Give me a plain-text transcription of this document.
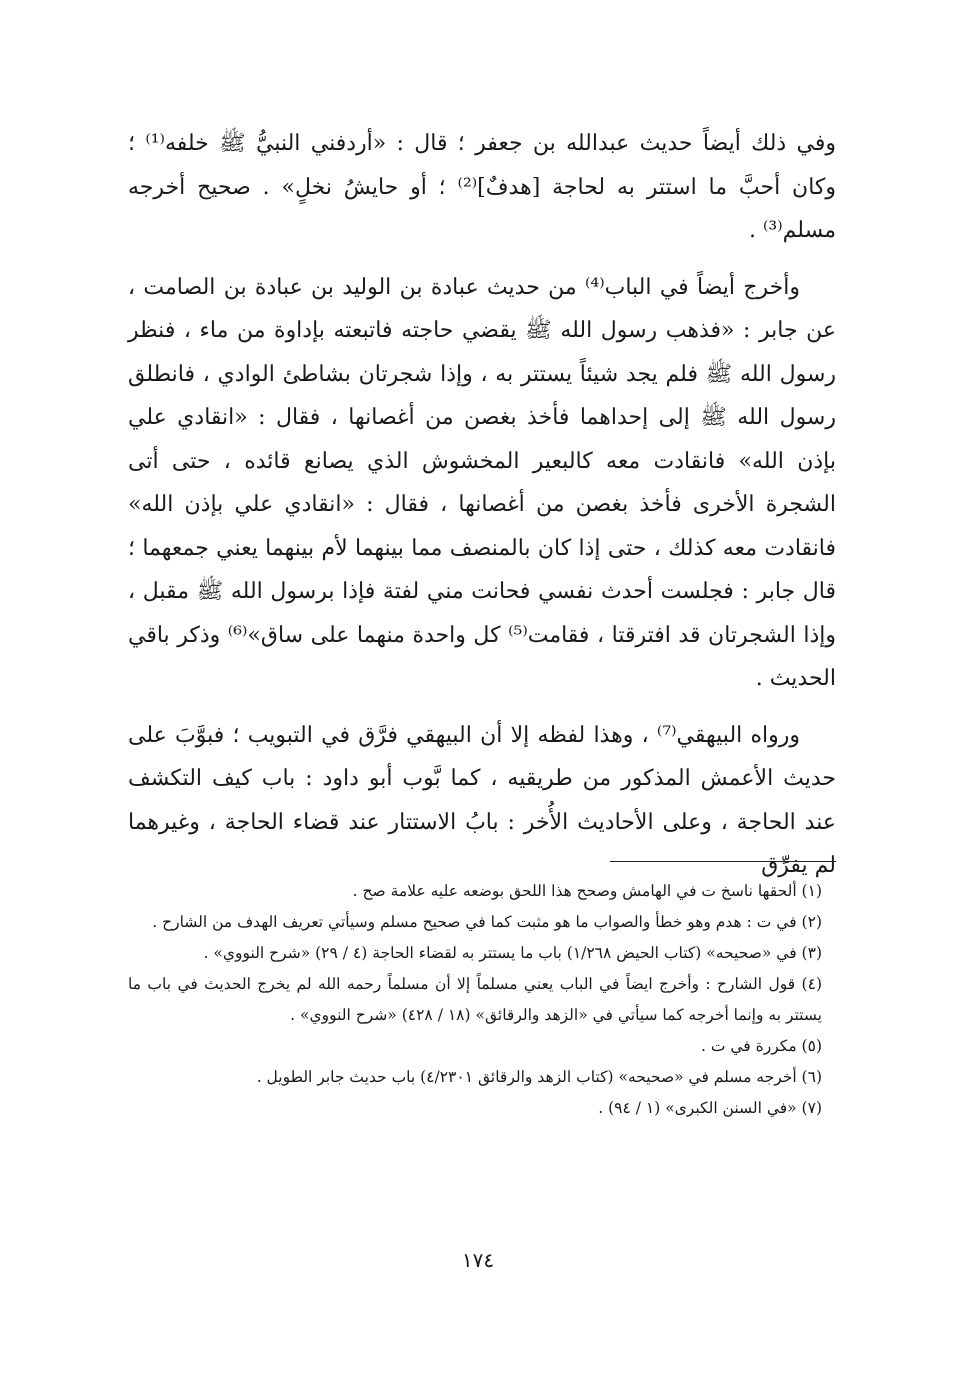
وفي ذلك أيضاً حديث عبدالله بن جعفر ؛ قال : «أردفني النبيُّ ﷺ خلفه⁽¹⁾ ؛ وكان أحبَّ ما استتر به لحاجة [هدفٌ]⁽²⁾ ؛ أو حايشُ نخلٍ» . صحيح أخرجه مسلم⁽³⁾ .

وأخرج أيضاً في الباب⁽⁴⁾ من حديث عبادة بن الوليد بن عبادة بن الصامت ، عن جابر : «فذهب رسول الله ﷺ يقضي حاجته فاتبعته بإداوة من ماء ، فنظر رسول الله ﷺ فلم يجد شيئاً يستتر به ، وإذا شجرتان بشاطئ الوادي ، فانطلق رسول الله ﷺ إلى إحداهما فأخذ بغصن من أغصانها ، فقال : «انقادي علي بإذن الله» فانقادت معه كالبعير المخشوش الذي يصانع قائده ، حتى أتى الشجرة الأخرى فأخذ بغصن من أغصانها ، فقال : «انقادي علي بإذن الله» فانقادت معه كذلك ، حتى إذا كان بالمنصف مما بينهما لأم بينهما يعني جمعهما ؛ قال جابر : فجلست أحدث نفسي فحانت مني لفتة فإذا برسول الله ﷺ مقبل ، وإذا الشجرتان قد افترقتا ، فقامت⁽⁵⁾ كل واحدة منهما على ساق»⁽⁶⁾ وذكر باقي الحديث .

ورواه البيهقي⁽⁷⁾ ، وهذا لفظه إلا أن البيهقي فرَّق في التبويب ؛ فبوَّبَ على حديث الأعمش المذكور من طريقيه ، كما بَّوب أبو داود : باب كيف التكشف عند الحاجة ، وعلى الأحاديث الأُخر : بابُ الاستتار عند قضاء الحاجة ، وغيرهما لم يفرِّق

(١) ألحقها ناسخ ت في الهامش وصحح هذا اللحق بوضعه عليه علامة صح .

(٢) في ت : هدم وهو خطأ والصواب ما هو مثبت كما في صحيح مسلم وسيأتي تعريف الهدف من الشارح .

(٣) في «صحيحه» (كتاب الحيض ١/٢٦٨) باب ما يستتر به لقضاء الحاجة (٤ / ٢٩) «شرح النووي» .

(٤) قول الشارح : وأخرج ايضاً في الباب يعني مسلماً إلا أن مسلماً رحمه الله لم يخرج الحديث في باب ما يستتر به وإنما أخرجه كما سيأتي في «الزهد والرقائق» (١٨ / ٤٢٨) «شرح النووي» .

(٥) مكررة في ت .

(٦) أخرجه مسلم في «صحيحه» (كتاب الزهد والرقائق ٤/٢٣٠١) باب حديث جابر الطويل .

(٧) «في السنن الكبرى» (١ / ٩٤) .

١٧٤
